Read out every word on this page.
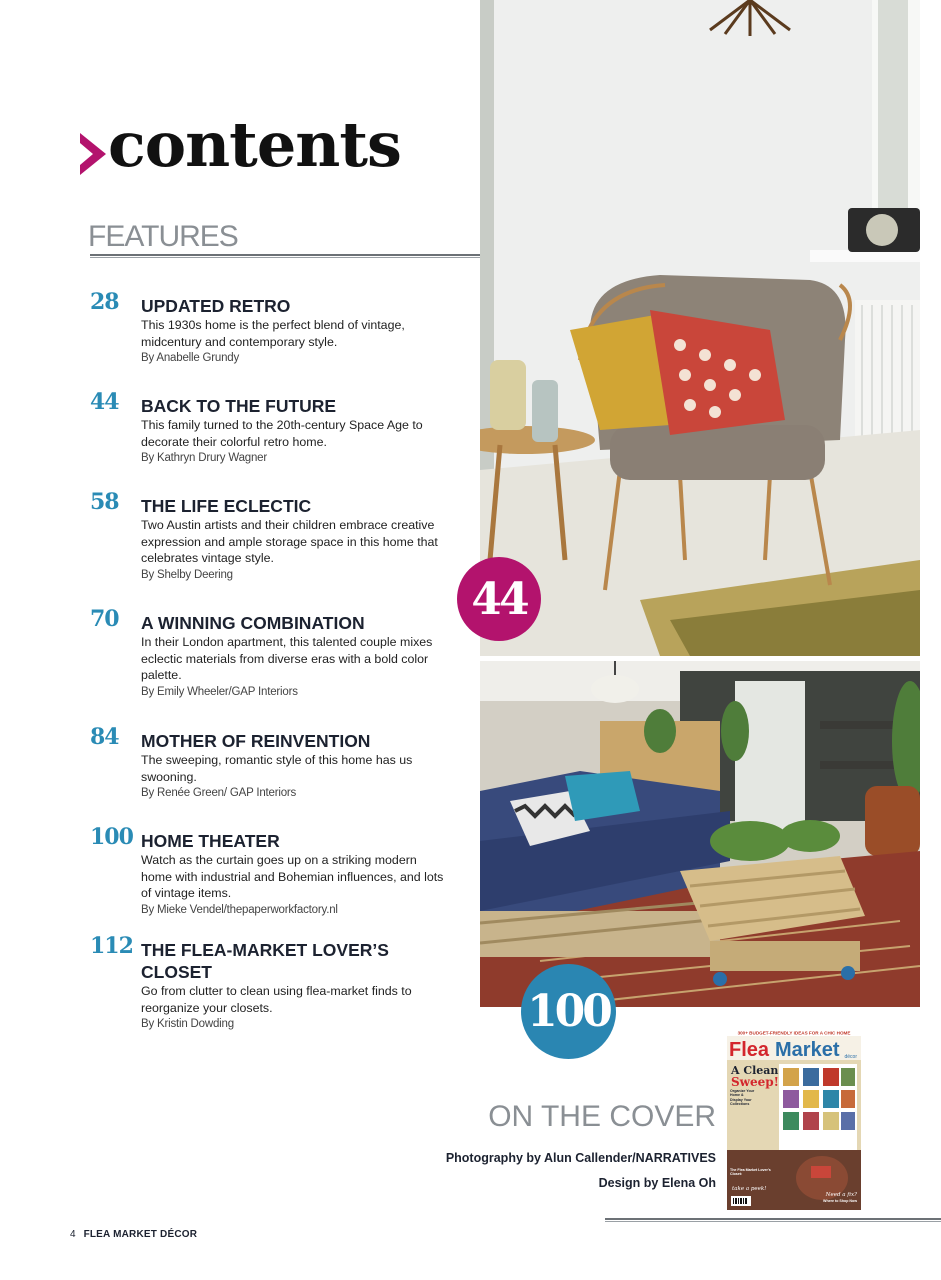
contents
FEATURES
28 UPDATED RETRO

This 1930s home is the perfect blend of vintage, midcentury and contemporary style.

By Anabelle Grundy

44 BACK TO THE FUTURE

This family turned to the 20th-century Space Age to decorate their colorful retro home.

By Kathryn Drury Wagner

58 THE LIFE ECLECTIC

Two Austin artists and their children embrace creative expression and ample storage space in this home that celebrates vintage style.

By Shelby Deering

70 A WINNING COMBINATION

In their London apartment, this talented couple mixes eclectic materials from diverse eras with a bold color palette.

By Emily Wheeler/GAP Interiors

84 MOTHER OF REINVENTION

The sweeping, romantic style of this home has us swooning.

By Renée Green/ GAP Interiors

100 HOME THEATER

Watch as the curtain goes up on a striking modern home with industrial and Bohemian influences, and lots of vintage items.

By Mieke Vendel/thepaperworkfactory.nl

112 THE FLEA-MARKET LOVER’S CLOSET

Go from clutter to clean using flea-market finds to reorganize your closets.

By Kristin Dowding

44
100
ON THE COVER

Photography by Alun Callender/NARRATIVES

Design by Elena Oh

300+ BUDGET-FRIENDLY IDEAS FOR A CHIC HOME
Flea Market décor
A Clean
Sweep!
Organize Your Home & Display Your Collections
The Flea Market Lover's Closet:
take a peek!
Need a fix?
Where to Shop Now
4 FLEA MARKET DÉCOR
